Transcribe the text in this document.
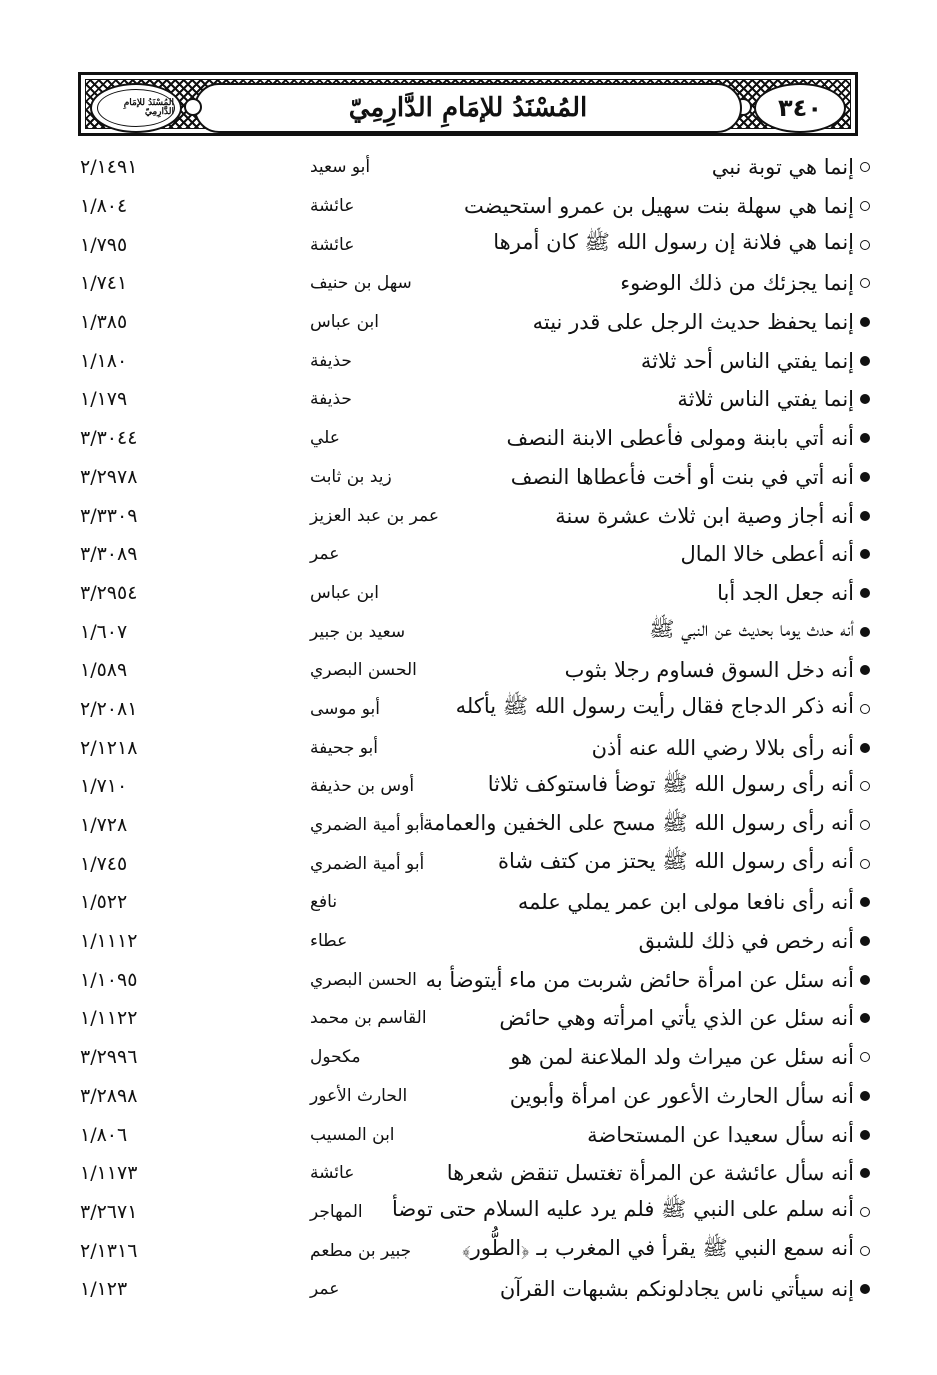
٣٤٠
المُسْنَدُ للإمَامِ الدَّارِمِيّ
المُسْنَدُ للإمَامِ الدَّارِمِيّ
إنما هي توبة نبي
أبو سعيد
٢/١٤٩١
إنما هي سهلة بنت سهيل بن عمرو استحيضت
عائشة
١/٨٠٤
إنما هي فلانة إن رسول الله ﷺ كان أمرها
عائشة
١/٧٩٥
إنما يجزئك من ذلك الوضوء
سهل بن حنيف
١/٧٤١
إنما يحفظ حديث الرجل على قدر نيته
ابن عباس
١/٣٨٥
إنما يفتي الناس أحد ثلاثة
حذيفة
١/١٨٠
إنما يفتي الناس ثلاثة
حذيفة
١/١٧٩
أنه أتي بابنة ومولى فأعطى الابنة النصف
علي
٣/٣٠٤٤
أنه أتي في بنت أو أخت فأعطاها النصف
زيد بن ثابت
٣/٢٩٧٨
أنه أجاز وصية ابن ثلاث عشرة سنة
عمر بن عبد العزيز
٣/٣٣٠٩
أنه أعطى خالا المال
عمر
٣/٣٠٨٩
أنه جعل الجد أبا
ابن عباس
٣/٢٩٥٤
أنه حدث يوما بحديث عن النبي ﷺ
سعيد بن جبير
١/٦٠٧
أنه دخل السوق فساوم رجلا بثوب
الحسن البصري
١/٥٨٩
أنه ذكر الدجاج فقال رأيت رسول الله ﷺ يأكله
أبو موسى
٢/٢٠٨١
أنه رأى بلالا رضي الله عنه أذن
أبو جحيفة
٢/١٢١٨
أنه رأى رسول الله ﷺ توضأ فاستوكف ثلاثا
أوس بن حذيفة
١/٧١٠
أنه رأى رسول الله ﷺ مسح على الخفين والعمامة
أبو أمية الضمري
١/٧٢٨
أنه رأى رسول الله ﷺ يحتز من كتف شاة
أبو أمية الضمري
١/٧٤٥
أنه رأى نافعا مولى ابن عمر يملي علمه
نافع
١/٥٢٢
أنه رخص في ذلك للشبق
عطاء
١/١١١٢
أنه سئل عن امرأة حائض شربت من ماء أيتوضأ به
الحسن البصري
١/١٠٩٥
أنه سئل عن الذي يأتي امرأته وهي حائض
القاسم بن محمد
١/١١٢٢
أنه سئل عن ميراث ولد الملاعنة لمن هو
مكحول
٣/٢٩٩٦
أنه سأل الحارث الأعور عن امرأة وأبوين
الحارث الأعور
٣/٢٨٩٨
أنه سأل سعيدا عن المستحاضة
ابن المسيب
١/٨٠٦
أنه سأل عائشة عن المرأة تغتسل تنقض شعرها
عائشة
١/١١٧٣
أنه سلم على النبي ﷺ فلم يرد عليه السلام حتى توضأ
المهاجر
٣/٢٦٧١
أنه سمع النبي ﷺ يقرأ في المغرب بـ ﴿الطُّور﴾
جبير بن مطعم
٢/١٣١٦
إنه سيأتي ناس يجادلونكم بشبهات القرآن
عمر
١/١٢٣
